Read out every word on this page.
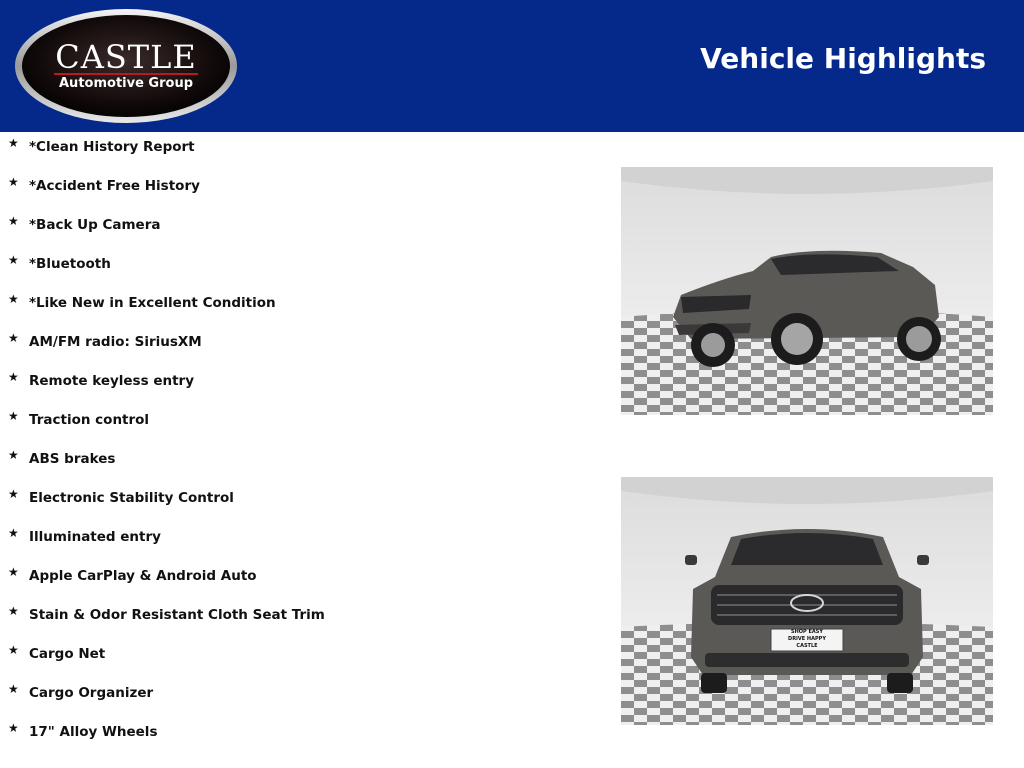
CASTLE
Automotive Group
Vehicle Highlights
★ *Clean History Report
★ *Accident Free History
★ *Back Up Camera
★ *Bluetooth
★ *Like New in Excellent Condition
★ AM/FM radio: SiriusXM
★ Remote keyless entry
★ Traction control
★ ABS brakes
★ Electronic Stability Control
★ Illuminated entry
★ Apple CarPlay & Android Auto
★ Stain & Odor Resistant Cloth Seat Trim
★ Cargo Net
★ Cargo Organizer
★ 17" Alloy Wheels
SHOP EASY
DRIVE HAPPY
CASTLE
